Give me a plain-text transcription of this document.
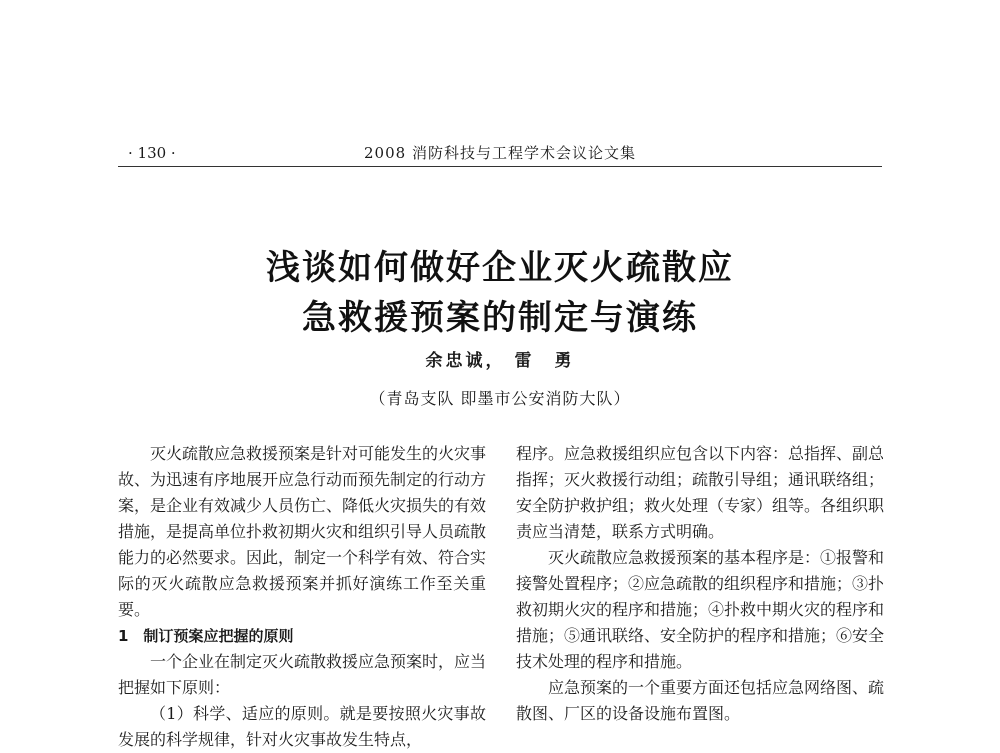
· 130 ·	2008 消防科技与工程学术会议论文集
浅谈如何做好企业灭火疏散应
急救援预案的制定与演练
余忠诚， 雷　勇
（青岛支队 即墨市公安消防大队）

灭火疏散应急救援预案是针对可能发生的火灾事故、为迅速有序地展开应急行动而预先制定的行动方案，是企业有效减少人员伤亡、降低火灾损失的有效措施，是提高单位扑救初期火灾和组织引导人员疏散能力的必然要求。因此，制定一个科学有效、符合实际的灭火疏散应急救援预案并抓好演练工作至关重要。

1　制订预案应把握的原则

一个企业在制定灭火疏散救援应急预案时，应当把握如下原则：

（1）科学、适应的原则。就是要按照火灾事故发展的科学规律，针对火灾事故发生特点，

程序。应急救援组织应包含以下内容：总指挥、副总指挥；灭火救援行动组；疏散引导组；通讯联络组；安全防护救护组；救火处理（专家）组等。各组织职责应当清楚，联系方式明确。

灭火疏散应急救援预案的基本程序是：①报警和接警处置程序；②应急疏散的组织程序和措施；③扑救初期火灾的程序和措施；④扑救中期火灾的程序和措施；⑤通讯联络、安全防护的程序和措施；⑥安全技术处理的程序和措施。

应急预案的一个重要方面还包括应急网络图、疏散图、厂区的设备设施布置图。
